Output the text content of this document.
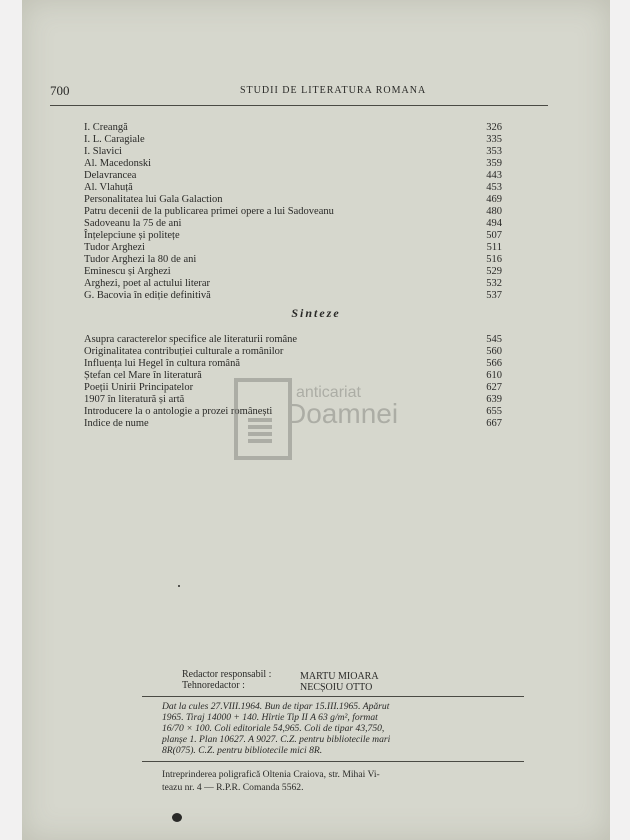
700	STUDII DE LITERATURA ROMANA
I. Creangă	326
I. L. Caragiale	335
I. Slavici	353
Al. Macedonski	359
Delavrancea	443
Al. Vlahuță	453
Personalitatea lui Gala Galaction	469
Patru decenii de la publicarea primei opere a lui Sadoveanu	480
Sadoveanu la 75 de ani	494
Înțelepciune și politețe	507
Tudor Arghezi	511
Tudor Arghezi la 80 de ani	516
Eminescu și Arghezi	529
Arghezi, poet al actului literar	532
G. Bacovia în ediție definitivă	537
Sinteze
Asupra caracterelor specifice ale literaturii române	545
Originalitatea contribuției culturale a românilor	560
Influența lui Hegel în cultura română	566
Ștefan cel Mare în literatură	610
Poeții Unirii Principatelor	627
1907 în literatură și artă	639
Introducere la o antologie a prozei românești	655
Indice de nume	667
anticariat
Doamnei
Redactor responsabil :	MARTU MIOARA
Tehnoredactor :	NECȘOIU OTTO
Dat la cules 27.VIII.1964. Bun de tipar 15.III.1965. Apărut
1965. Tiraj 14000 + 140. Hîrtie Tip II A 63 g/m², format
16/70 × 100. Coli editoriale 54,965. Coli de tipar 43,750,
planșe 1. Plan 10627. A 9027. C.Z. pentru bibliotecile mari
8R(075). C.Z. pentru bibliotecile mici 8R.
Intreprinderea poligrafică Oltenia Craiova, str. Mihai Vi-
teazu nr. 4 — R.P.R. Comanda 5562.
